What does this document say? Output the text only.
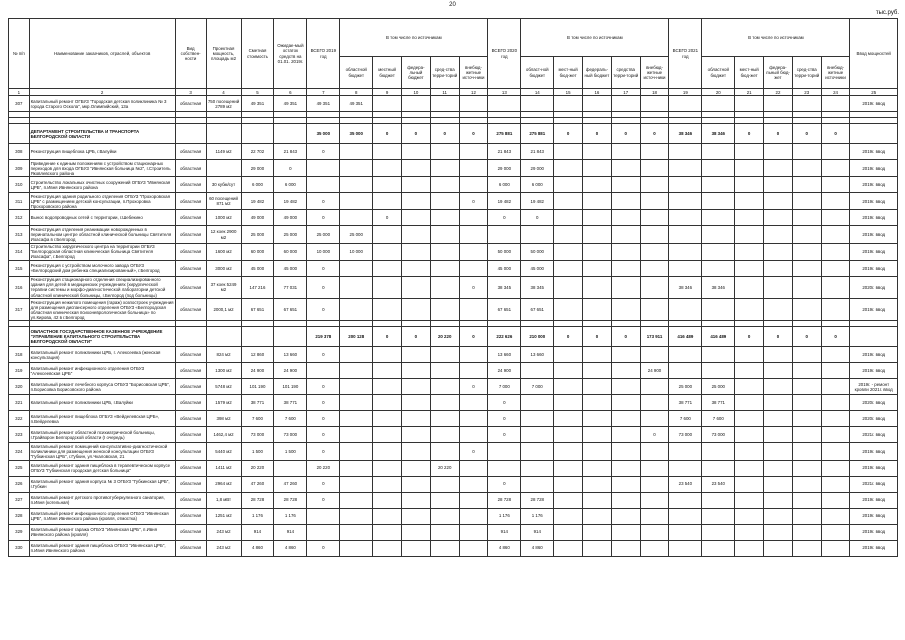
20
тыс.руб.
№ п/п	Наименование заказчиков, отраслей, объектов	Вид собствен-ности	Проектная мощность, площадь м2	Сметная стоимость	Ожидае-мый остаток средств на 01.01. 2019г.	ВСЕГО 2019 год	В том числе по источникам					ВСЕГО 2020 год	В том числе по источникам					ВСЕГО 2021 год	В том числе по источникам					Ввод мощностей
							областной бюджет	местный бюджет	федера-льный бюджет	сред-ства терри-торий	внебюд-жетные источ-ники		област-ной бюджет	мест-ный бюд-жет	федераль-ный бюджет	средства терри-торий	внебюд-жетные источ-ники		областной бюджет	мест-ный бюд-жет	федера-льный бюд-жет	сред-ства терри-торий	внебюд-жетные источники	
1	2	3	4	5	6	7	8	9	10	11	12	13	14	15	16	17	18	19	20	21	22	23	24	25
307	Капитальный ремонт ОГБУЗ "Городская детская поликлиника № 3 города Старого Оскола", мкр.Олимпийский, 13а	областная	750 посещений 2789 м2	49 351	49 351	49 351	49 351																	2019г. ввод

	ДЕПАРТАМЕНТ СТРОИТЕЛЬСТВА И ТРАНСПОРТА БЕЛГОРОДСКОЙ ОБЛАСТИ					35 000	35 000	0	0	0	0	275 881	275 881	0	0	0	0	38 346	38 346	0	0	0	0	
308	Реконструкция пищеблока ЦРБ, г.Валуйки	областная	1149 м2	22 702	21 843	0						21 843	21 843											2019г. ввод
309	Приведение к единым положениям с устройством стационарных переходов для входа ОГБУЗ "Ивнянская больница №2", г.Строитель Яковлевского района	областная		29 000	0							29 000	29 000											2019г. ввод
310	Строительство локальных очистных сооружений ОГБУЗ "Ивнянская ЦРБ", п.Ивня Ивнянского района	областная	30 кубм/сут	6 000	6 000							6 000	6 000											2019г. ввод
311	Реконструкция здания родильного отделения ОГБУЗ "Прохоровская ЦРБ" с размещением детской консультации, п.Прохоровка Прохоровского района	областная	60 посещений 871 м2	19 482	19 482	0					0	19 482	19 482											2019г. ввод
312	Вынос водопроводных сетей с территории, г.Шебекино	областная	1000 м2	49 000	49 000	0		0				0	0											2019г. ввод
313	Реконструкция отделения реанимации новорожденных в перинатальном центре областной клинической больницы Святителя Иоасафа в г.Белгород	областная	12 коек 2900 м2	25 000	25 000	25 000	25 000																	2019г. ввод
314	Строительство хирургического центра на территории ОГБУЗ "Белгородская областная клиническая больница Святителя Иоасафа", г.Белгород	областная	1600 м2	60 000	60 000	10 000	10 000					50 000	50 000											2019г. ввод
315	Реконструкция с устройством молочного завода ОГБУЗ «Белгородский дом ребенка специализированный», г.Белгород	областная	3000 м2	45 000	45 000	0						45 000	45 000											2019г. ввод
316	Реконструкция стационарного отделения специализированного здания для детей в медицинских учреждениях (хирургической терапии системы и морфо-диагностической лаборатории детской областной клинической больницы, г.Белгород (под больницы)	областная	37 коек 5249 м2	147 216	77 031	0					0	38 345	38 345					38 346	38 346					2020г. ввод
317	Реконструкция нежилого помещения (гараж) хозпостроек учреждения для размещения диспансерного отделения ОГБУЗ «Белгородская областная клиническая психоневрологическая больница» по ул.Кирова, 42 в г.Белгород	областная	2000,1 м2	67 651	67 651	0						67 651	67 651											2019г. ввод

	ОБЛАСТНОЕ ГОСУДАРСТВЕННОЕ КАЗЕННОЕ УЧРЕЖДЕНИЕ "УПРАВЛЕНИЕ КАПИТАЛЬНОГО СТРОИТЕЛЬСТВА БЕЛГОРОДСКОЙ ОБЛАСТИ"					219 378	200 128	0	0	20 220	0	222 626	210 000	0	0	0	173 911	416 489	416 489	0	0	0	0	
318	Капитальный ремонт поликлиники ЦРБ, г. Алексеевка (женская консультация)	областная	824 м2	12 860	13 660	0						13 660	13 660											2019г. ввод
319	Капитальный ремонт инфекционного отделения ОГБУЗ "Алексеевская ЦРБ"	областная	1300 м2	24 900	24 900							24 900					24 900							2019г. ввод
320	Капитальный ремонт лечебного корпуса ОГБУЗ "Борисовская ЦРБ", п.Борисовка Борисовского района	областная	5748 м2	101 190	101 190	0					0	7 000	7 000					25 000	25 000					2019г. - ремонт кровли 2021г. ввод
321	Капитальный ремонт поликлиники ЦРБ, г.Валуйки	областная	1579 м2	38 771	38 771	0						0						38 771	38 771					2020г. ввод
322	Капитальный ремонт пищеблока ОГБУЗ «Вейделевская ЦРБ», п.Вейделевка	областная	398 м2	7 600	7 600	0						0						7 600	7 600					2020г. ввод
323	Капитальный ремонт областной психиатрической больницы, г.Грайворон Белгородской области (I очередь)	областная	1462,4 м2	73 000	73 000	0						0					0	73 000	73 000					2021г. ввод
324	Капитальный ремонт помещений консультативно-диагностической поликлиники для размещения женской консультации ОГБУЗ "Губкинская ЦРБ", г.Губкин, ул.Чкаловская, 21	областная	5440 м2	1 500	1 500	0					0													2019г. ввод
325	Капитальный ремонт здания пищеблока в терапевтическом корпусе ОГБУЗ "Губкинская городская детская больница"	областная	1411 м2	20 220		20 220				20 220														2019г. ввод
326	Капитальный ремонт здания корпуса № 3 ОГБУЗ "Губкинская ЦРБ", г.Губкин	областная	2964 м2	47 260	47 260	0						0						23 540	23 540					2021г. ввод
327	Капитальный ремонт детского противотуберкулезного санатория, п.Ивня (котельная)	областная	1,8 мВт	28 728	28 728	0						28 728	28 728											2019г. ввод
328	Капитальный ремонт инфекционного отделения ОГБУЗ "Ивнянская ЦРБ", п.Ивня Ивнянского района (кровля, отмостка)	областная	1251 м2	1 176	1 176							1 176	1 176											2019г. ввод
329	Капитальный ремонт гаража ОГБУЗ "Ивнянская ЦРБ", п.Ивня Ивнянского района (кровля)	областная	243 м2	914	914							914	914											2019г. ввод
330	Капитальный ремонт здания пищеблока ОГБУЗ "Ивнянская ЦРБ", п.Ивня Ивнянского района	областная	243 м2	4 860	4 860	0						4 860	4 860											2019г. ввод
